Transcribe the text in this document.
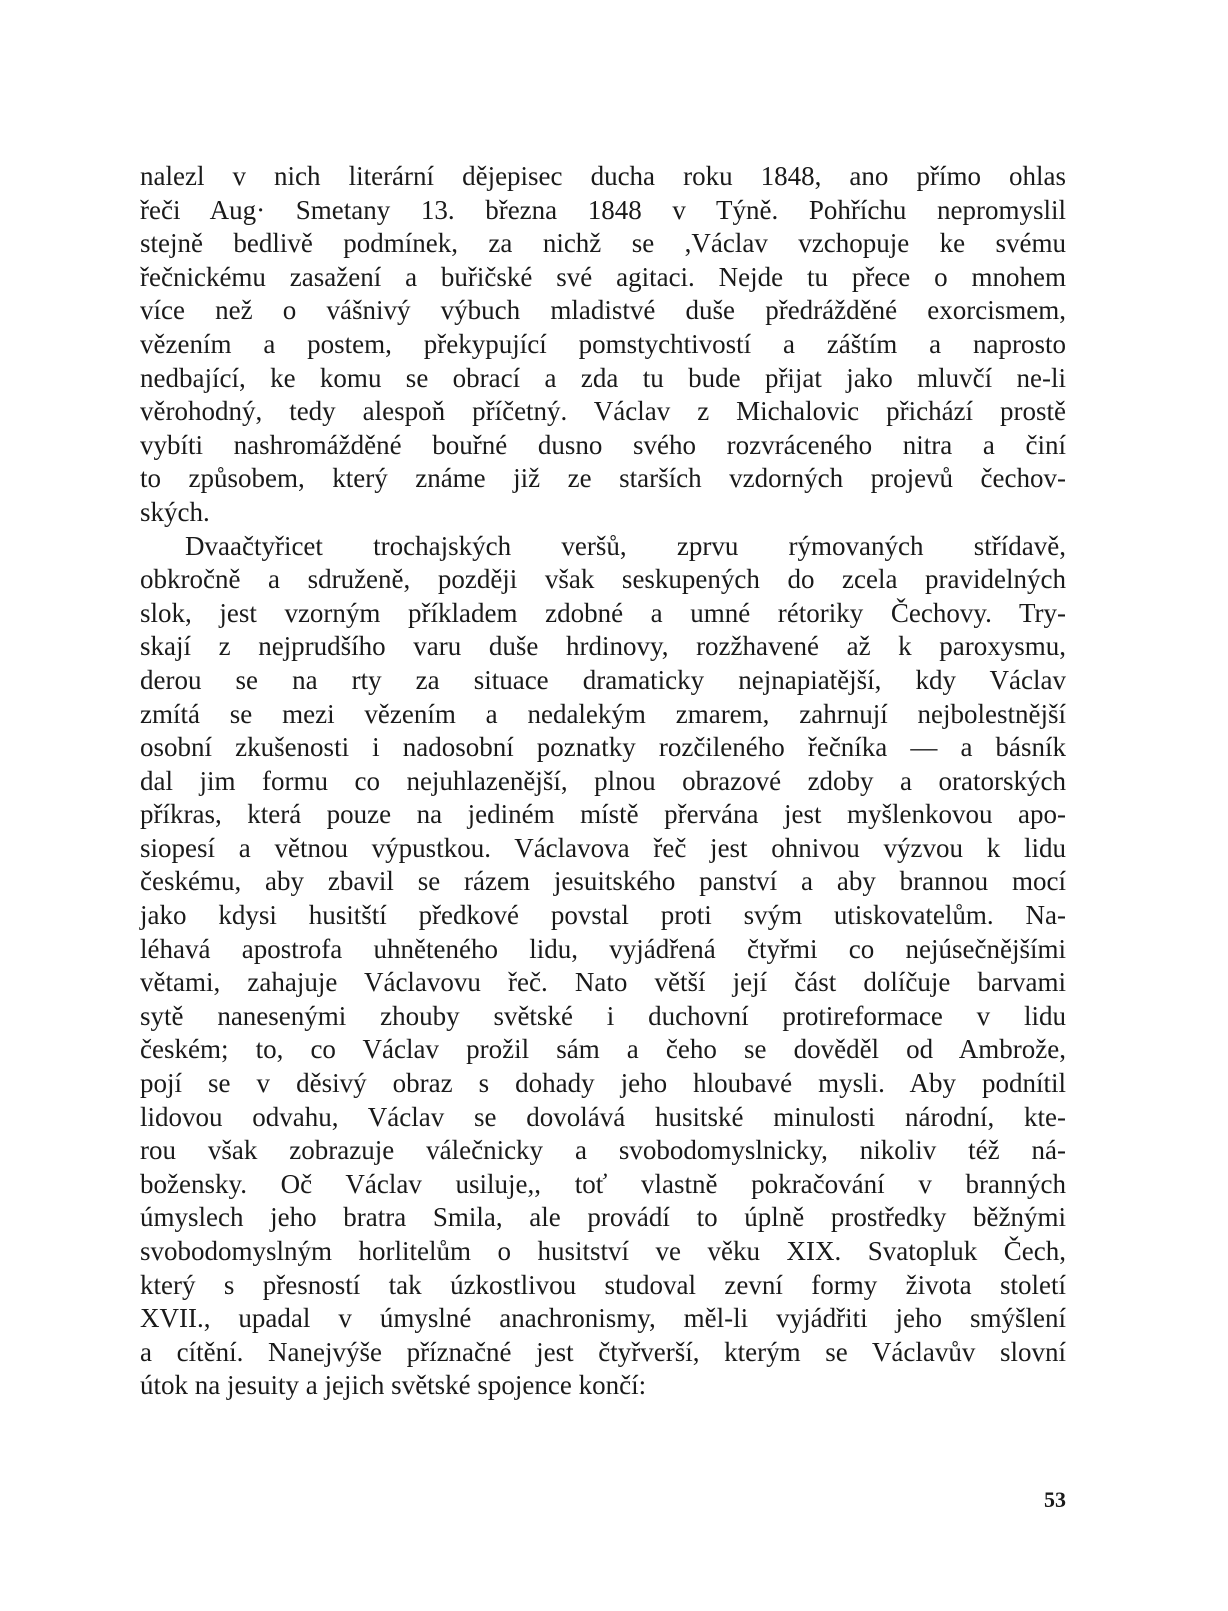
nalezl v nich literární dějepisec ducha roku 1848, ano přímo ohlas
řeči Aug· Smetany 13. března 1848 v Týně. Pohříchu nepromyslil
stejně bedlivě podmínek, za nichž se ,Václav vzchopuje ke svému
řečnickému zasažení a buřičské své agitaci. Nejde tu přece o mnohem
více než o vášnivý výbuch mladistvé duše předrážděné exorcismem,
vězením a postem, překypující pomstychtivostí a záštím a naprosto
nedbající, ke komu se obrací a zda tu bude přijat jako mluvčí ne-li
věrohodný, tedy alespoň příčetný. Václav z Michalovic přichází prostě
vybíti nashromážděné bouřné dusno svého rozvráceného nitra a činí
to způsobem, který známe již ze starších vzdorných projevů čechov-
ských.
Dvaačtyřicet trochajských veršů, zprvu rýmovaných střídavě,
obkročně a sdruženě, později však seskupených do zcela pravidelných
slok, jest vzorným příkladem zdobné a umné rétoriky Čechovy. Try-
skají z nejprudšího varu duše hrdinovy, rozžhavené až k paroxysmu,
derou se na rty za situace dramaticky nejnapiatější, kdy Václav
zmítá se mezi vězením a nedalekým zmarem, zahrnují nejbolestnější
osobní zkušenosti i nadosobní poznatky rozčileného řečníka — a básník
dal jim formu co nejuhlazenější, plnou obrazové zdoby a oratorských
příkras, která pouze na jediném místě přervána jest myšlenkovou apo-
siopesí a větnou výpustkou. Václavova řeč jest ohnivou výzvou k lidu
českému, aby zbavil se rázem jesuitského panství a aby brannou mocí
jako kdysi husitští předkové povstal proti svým utiskovatelům. Na-
léhavá apostrofa uhněteného lidu, vyjádřená čtyřmi co nejúsečnějšími
větami, zahajuje Václavovu řeč. Nato větší její část dolíčuje barvami
sytě nanesenými zhouby světské i duchovní protireformace v lidu
českém; to, co Václav prožil sám a čeho se dověděl od Ambrože,
pojí se v děsivý obraz s dohady jeho hloubavé mysli. Aby podnítil
lidovou odvahu, Václav se dovolává husitské minulosti národní, kte-
rou však zobrazuje válečnicky a svobodomyslnicky, nikoliv též ná-
božensky. Oč Václav usiluje,, toť vlastně pokračování v branných
úmyslech jeho bratra Smila, ale provádí to úplně prostředky běžnými
svobodomyslným horlitelům o husitství ve věku XIX. Svatopluk Čech,
který s přesností tak úzkostlivou studoval zevní formy života století
XVII., upadal v úmyslné anachronismy, měl-li vyjádřiti jeho smýšlení
a cítění. Nanejvýše příznačné jest čtyřverší, kterým se Václavův slovní
útok na jesuity a jejich světské spojence končí:
53
